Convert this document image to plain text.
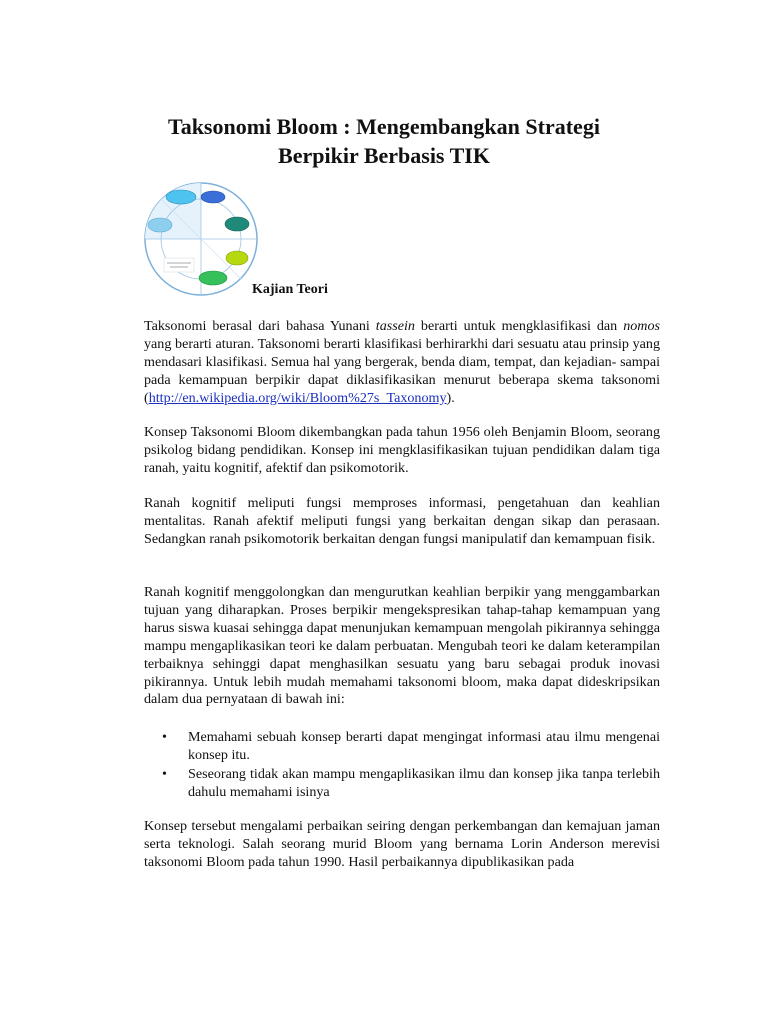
Taksonomi Bloom : Mengembangkan Strategi
Berpikir Berbasis TIK
Kajian Teori

Taksonomi berasal dari bahasa Yunani tassein berarti untuk mengklasifikasi dan nomos yang berarti aturan. Taksonomi berarti klasifikasi berhirarkhi dari sesuatu atau prinsip yang mendasari klasifikasi. Semua hal yang bergerak, benda diam, tempat, dan kejadian- sampai pada kemampuan berpikir dapat diklasifikasikan menurut beberapa skema taksonomi (http://en.wikipedia.org/wiki/Bloom%27s_Taxonomy).

Konsep Taksonomi Bloom dikembangkan pada tahun 1956 oleh Benjamin Bloom, seorang psikolog bidang pendidikan. Konsep ini mengklasifikasikan tujuan pendidikan dalam tiga ranah, yaitu kognitif, afektif dan psikomotorik.

Ranah kognitif meliputi fungsi memproses informasi, pengetahuan dan keahlian mentalitas. Ranah afektif meliputi fungsi yang berkaitan dengan sikap dan perasaan. Sedangkan ranah psikomotorik berkaitan dengan fungsi manipulatif dan kemampuan fisik.

Ranah kognitif menggolongkan dan mengurutkan keahlian berpikir yang menggambarkan tujuan yang diharapkan. Proses berpikir mengekspresikan tahap-tahap kemampuan yang harus siswa kuasai sehingga dapat menunjukan kemampuan mengolah pikirannya sehingga mampu mengaplikasikan teori ke dalam perbuatan. Mengubah teori ke dalam keterampilan terbaiknya sehinggi dapat menghasilkan sesuatu yang baru sebagai produk inovasi pikirannya. Untuk lebih mudah memahami taksonomi bloom, maka dapat dideskripsikan dalam dua pernyataan di bawah ini:

• Memahami sebuah konsep berarti dapat mengingat informasi atau ilmu mengenai konsep itu.
• Seseorang tidak akan mampu mengaplikasikan ilmu dan konsep jika tanpa terlebih dahulu memahami isinya

Konsep tersebut mengalami perbaikan seiring dengan perkembangan dan kemajuan jaman serta teknologi. Salah seorang murid Bloom yang bernama Lorin Anderson merevisi taksonomi Bloom pada tahun 1990. Hasil perbaikannya dipublikasikan pada
